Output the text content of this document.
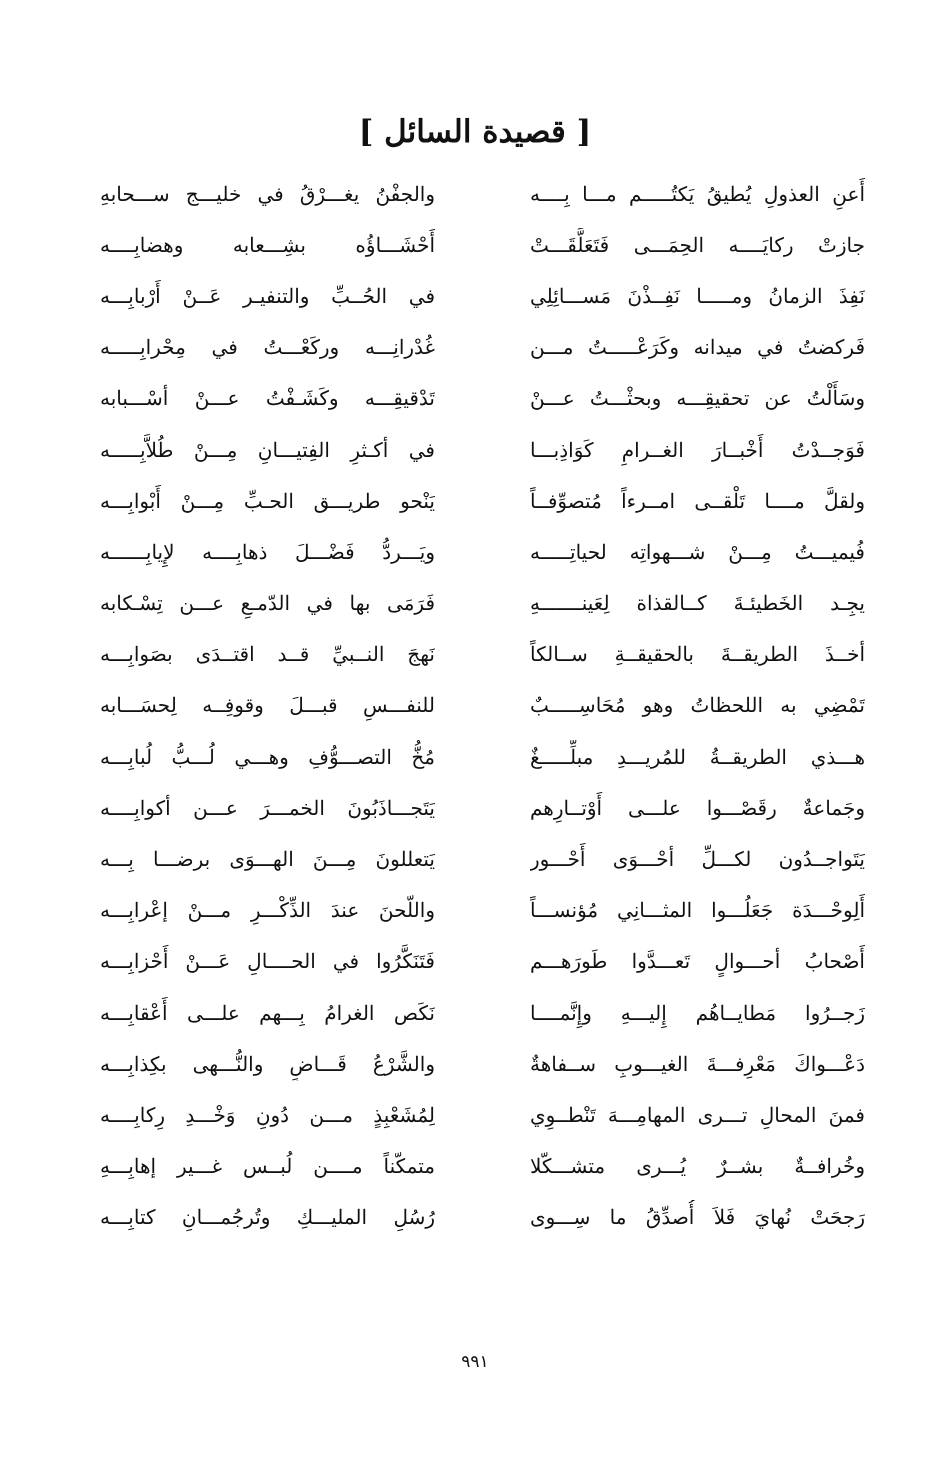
[ قصيدة السائل ]
أَعنِ العذولِ يُطيقُ يَكتُـــــم مـــا بِــــه
والجفْنُ يغـــرْقُ في خليـــج ســـحابهِ
جازتْ ركايَــــه الحِمَـــى فَتَعَلَّقَـــتْ
أَحْشَـــاؤُه بشِـــعابه وهضابِــــه
نَفِذَ الزمانُ ومـــــا نَفِــذْنَ مَســـائِلِي
في الحُــبِّ والتنفيـر عَــنْ أَرْبابِـــه
فَركضتُ في ميدانه وكَرَعْـــــتُ مـــن
غُدْرانِـــه وركَعْـــتُ في مِحْرابِـــــه
وسَأَلْتُ عن تحقيقِـــه وبحثْـــتُ عـــنْ
تَدْقيقِـــه وكَشَـفْتُ عـــنْ أسْـــبابه
فَوَجــدْتُ أَخْبــارَ الغــرامِ كَوَاذِبـــا
في أكـثرِ الفِتيـــانِ مِـــنْ طُلاَّبِـــــه
ولقلَّ مــــا تَلْقــى امــرءاً مُتصوِّفــاً
يَنْحو طريـــق الحـبِّ مِـــنْ أَبْوابِـــه
فُيميـــتُ مِـــنْ شـــهواتِه لحياتِـــــه
ويَـــردُّ فَضْـــلَ ذهابِــــه لإِيابِــــــه
يجِـد الخَطيئـةَ كــالقذاة لِعَينـــــــهِ
فَرَمَى بها في الدّمـعِ عـــن تِسْـكابه
أخــذَ الطريقــةَ بالحقيقــةِ ســالكاً
نَهجَ النــبيِّ قــد اقتــدَى بصَوابِـــه
تَمْضِي به اللحظاتُ وهو مُحَاسِـــــبٌ
للنفـــسِ قبـــلَ وقوفِــه لِحسَـــابه
هـــذي الطريقــةُ للمُريـــدِ مبلِّـــــغٌ
مُخُّ التصـــوُّفِ وهـــي لُـــبُّ لُبابِـــه
وجَماعةٌ رقَصْـــوا علـــى أَوْتــارِهم
يَتَجـــاذَبُونَ الخمـــرَ عـــن أكوابِــــه
يَتَواجــدُون لكـــلِّ أحْـــوَى أَحْـــور
يَتعللونَ مِـــنَ الهـــوَى برضـــا بِـــه
أَلِوحْـــدَة جَعَلُـــوا المثـــانِي مُؤنســـاً
واللّحنَ عندَ الذِّكْـــرِ مـــنْ إعْرابِـــه
أَصْحابُ أحـــوالٍ تَعـــدَّوا طَورَهـــم
فَتَنَكَّرُوا في الحــــالِ عَـــنْ أَحْزابِـــه
زَجــرُوا مَطايــاهُم إِليـــهِ وإِنَّمــــا
نَكَص الغرامُ بِـــهم علـــى أَعْقابِـــه
دَعْـــواكَ مَعْرِفـــةَ الغيـــوبِ ســفاهةٌ
والشَّرْعُ قَـــاضٍ والنُّـــهى بكِذابِـــه
فمنَ المحالِ تـــرى المهامِـــهَ تَنْطــوِي
لِمُشَعْبِذٍ مـــن دُونِ وَخْـــدِ رِكابِــــه
وخُرافــةٌ بشــرٌ يُـــرى متشـــكّلا
متمكّناً مــــن لُبــس غـــير إهابِـــهِ
رَجحَتْ نُهايَ فَلاَ أُصدِّقُ ما سِـــوى
رُسُلِ المليـــكِ وتُرجُمـــانِ كتابِـــه
٩٩١
